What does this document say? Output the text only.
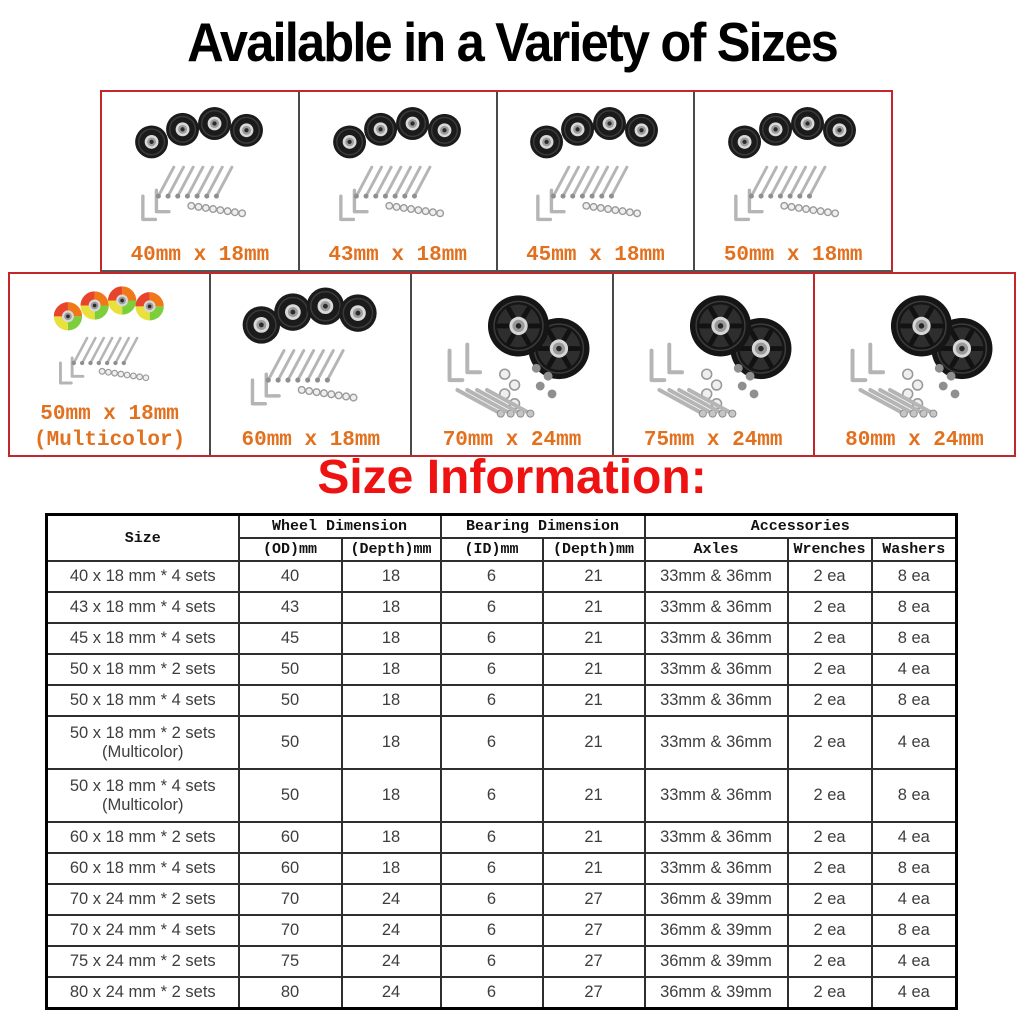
Available in a Variety of Sizes
40mm x 18mm	43mm x 18mm	45mm x 18mm	50mm x 18mm
50mm x 18mm
(Multicolor)	60mm x 18mm	70mm x 24mm	75mm x 24mm	80mm x 24mm
Size Information:
Size	Wheel Dimension		Bearing Dimension		Accessories		
	(OD)mm	(Depth)mm	(ID)mm	(Depth)mm	Axles	Wrenches	Washers

40 x 18 mm * 4 sets	40	18	6	21	33mm & 36mm	2 ea	8 ea

43 x 18 mm * 4 sets	43	18	6	21	33mm & 36mm	2 ea	8 ea

45 x 18 mm * 4 sets	45	18	6	21	33mm & 36mm	2 ea	8 ea

50 x 18 mm * 2 sets	50	18	6	21	33mm & 36mm	2 ea	4 ea

50 x 18 mm * 4 sets	50	18	6	21	33mm & 36mm	2 ea	8 ea

50 x 18 mm * 2 sets
(Multicolor)	50	18	6	21	33mm & 36mm	2 ea	4 ea

50 x 18 mm * 4 sets
(Multicolor)	50	18	6	21	33mm & 36mm	2 ea	8 ea

60 x 18 mm * 2 sets	60	18	6	21	33mm & 36mm	2 ea	4 ea

60 x 18 mm * 4 sets	60	18	6	21	33mm & 36mm	2 ea	8 ea

70 x 24 mm * 2 sets	70	24	6	27	36mm & 39mm	2 ea	4 ea

70 x 24 mm * 4 sets	70	24	6	27	36mm & 39mm	2 ea	8 ea

75 x 24 mm * 2 sets	75	24	6	27	36mm & 39mm	2 ea	4 ea

80 x 24 mm * 2 sets	80	24	6	27	36mm & 39mm	2 ea	4 ea
